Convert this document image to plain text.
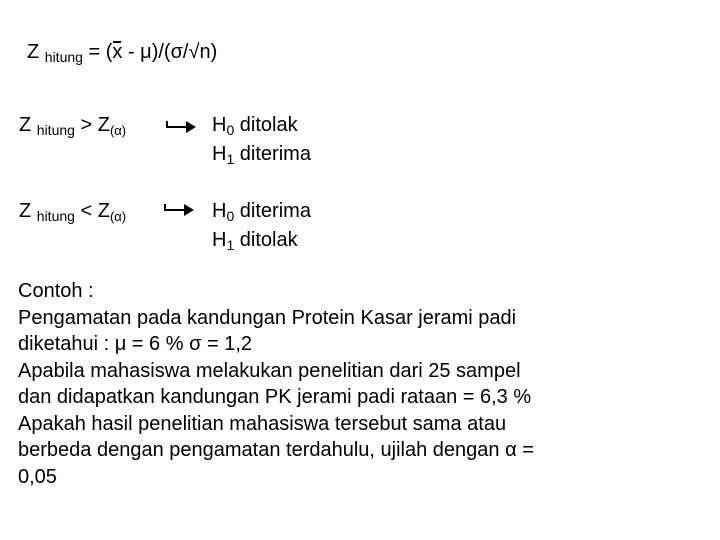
Z $_{hitung}$ = (x - μ)/(σ/√n)
Z $_{hitung} > Z_{(\alpha)}$	$H_0$ ditolak
$H_1$ diterima
Z $_{hitung} < Z_{(\alpha)}$	$H_0$ diterima
$H_1$ ditolak
Contoh :
Pengamatan pada kandungan Protein Kasar jerami padi
diketahui : μ = 6 % σ = 1,2
Apabila mahasiswa melakukan penelitian dari 25 sampel
dan didapatkan kandungan PK jerami padi rataan = 6,3 %
Apakah hasil penelitian mahasiswa tersebut sama atau
berbeda dengan pengamatan terdahulu, ujilah dengan α =
0,05
